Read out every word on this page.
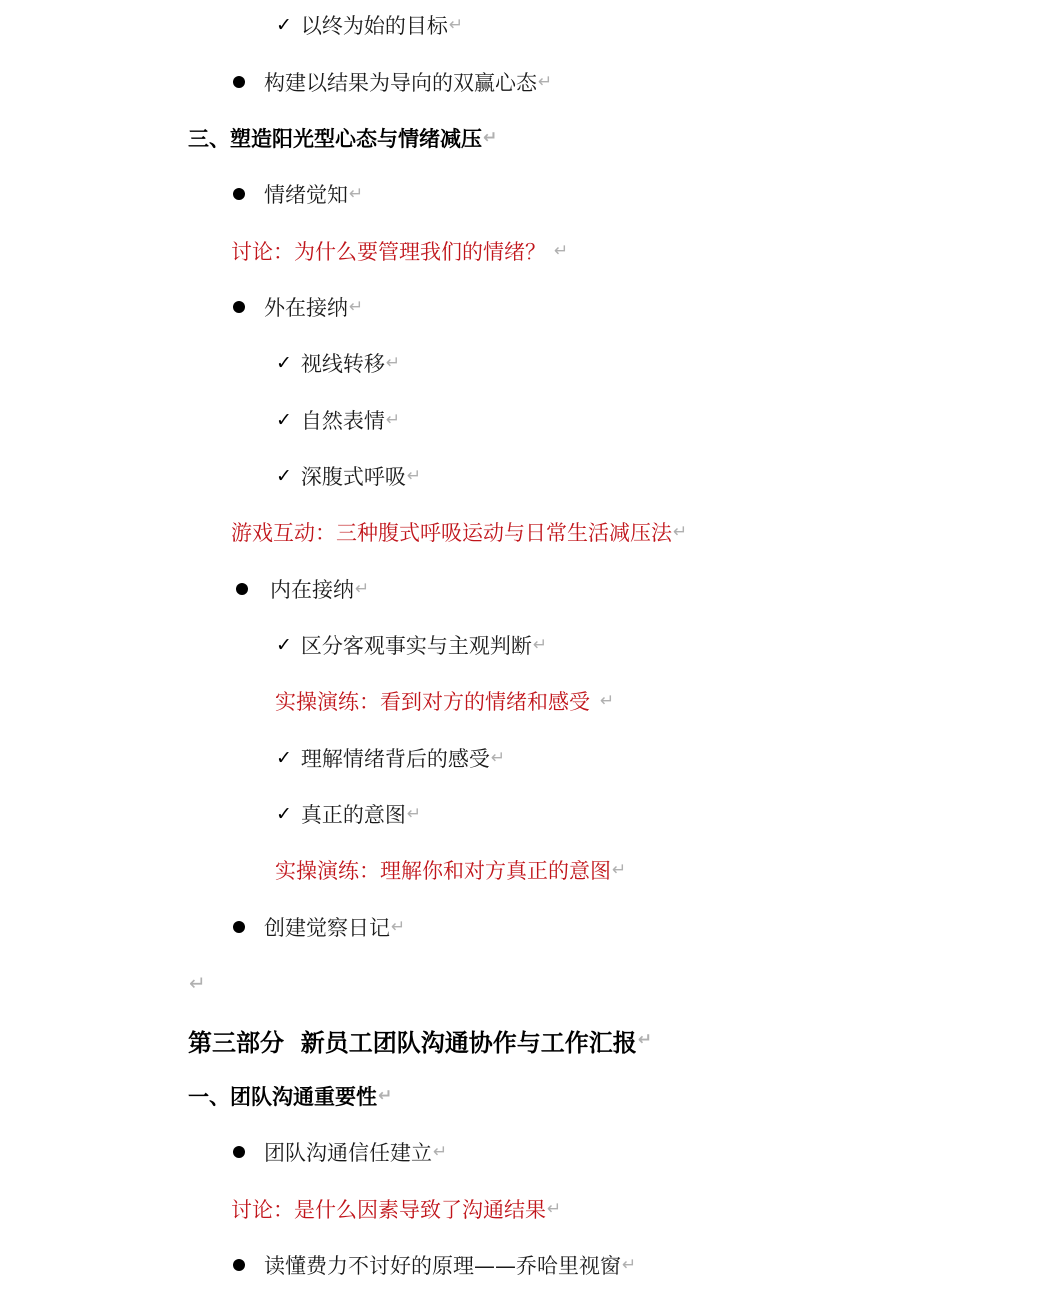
✓ 以终为始的目标 ↵
构建以结果为导向的双赢心态 ↵
三、塑造阳光型心态与情绪减压 ↵
情绪觉知 ↵
讨论：为什么要管理我们的情绪？ ↵
外在接纳 ↵
✓ 视线转移 ↵
✓ 自然表情 ↵
✓ 深腹式呼吸 ↵
游戏互动：三种腹式呼吸运动与日常生活减压法 ↵
内在接纳 ↵
✓ 区分客观事实与主观判断 ↵
实操演练：看到对方的情绪和感受 ↵
✓ 理解情绪背后的感受 ↵
✓ 真正的意图 ↵
实操演练：理解你和对方真正的意图 ↵
创建觉察日记 ↵
↵
第三部分  新员工团队沟通协作与工作汇报 ↵
一、团队沟通重要性 ↵
团队沟通信任建立 ↵
讨论：是什么因素导致了沟通结果 ↵
读懂费力不讨好的原理——乔哈里视窗 ↵
